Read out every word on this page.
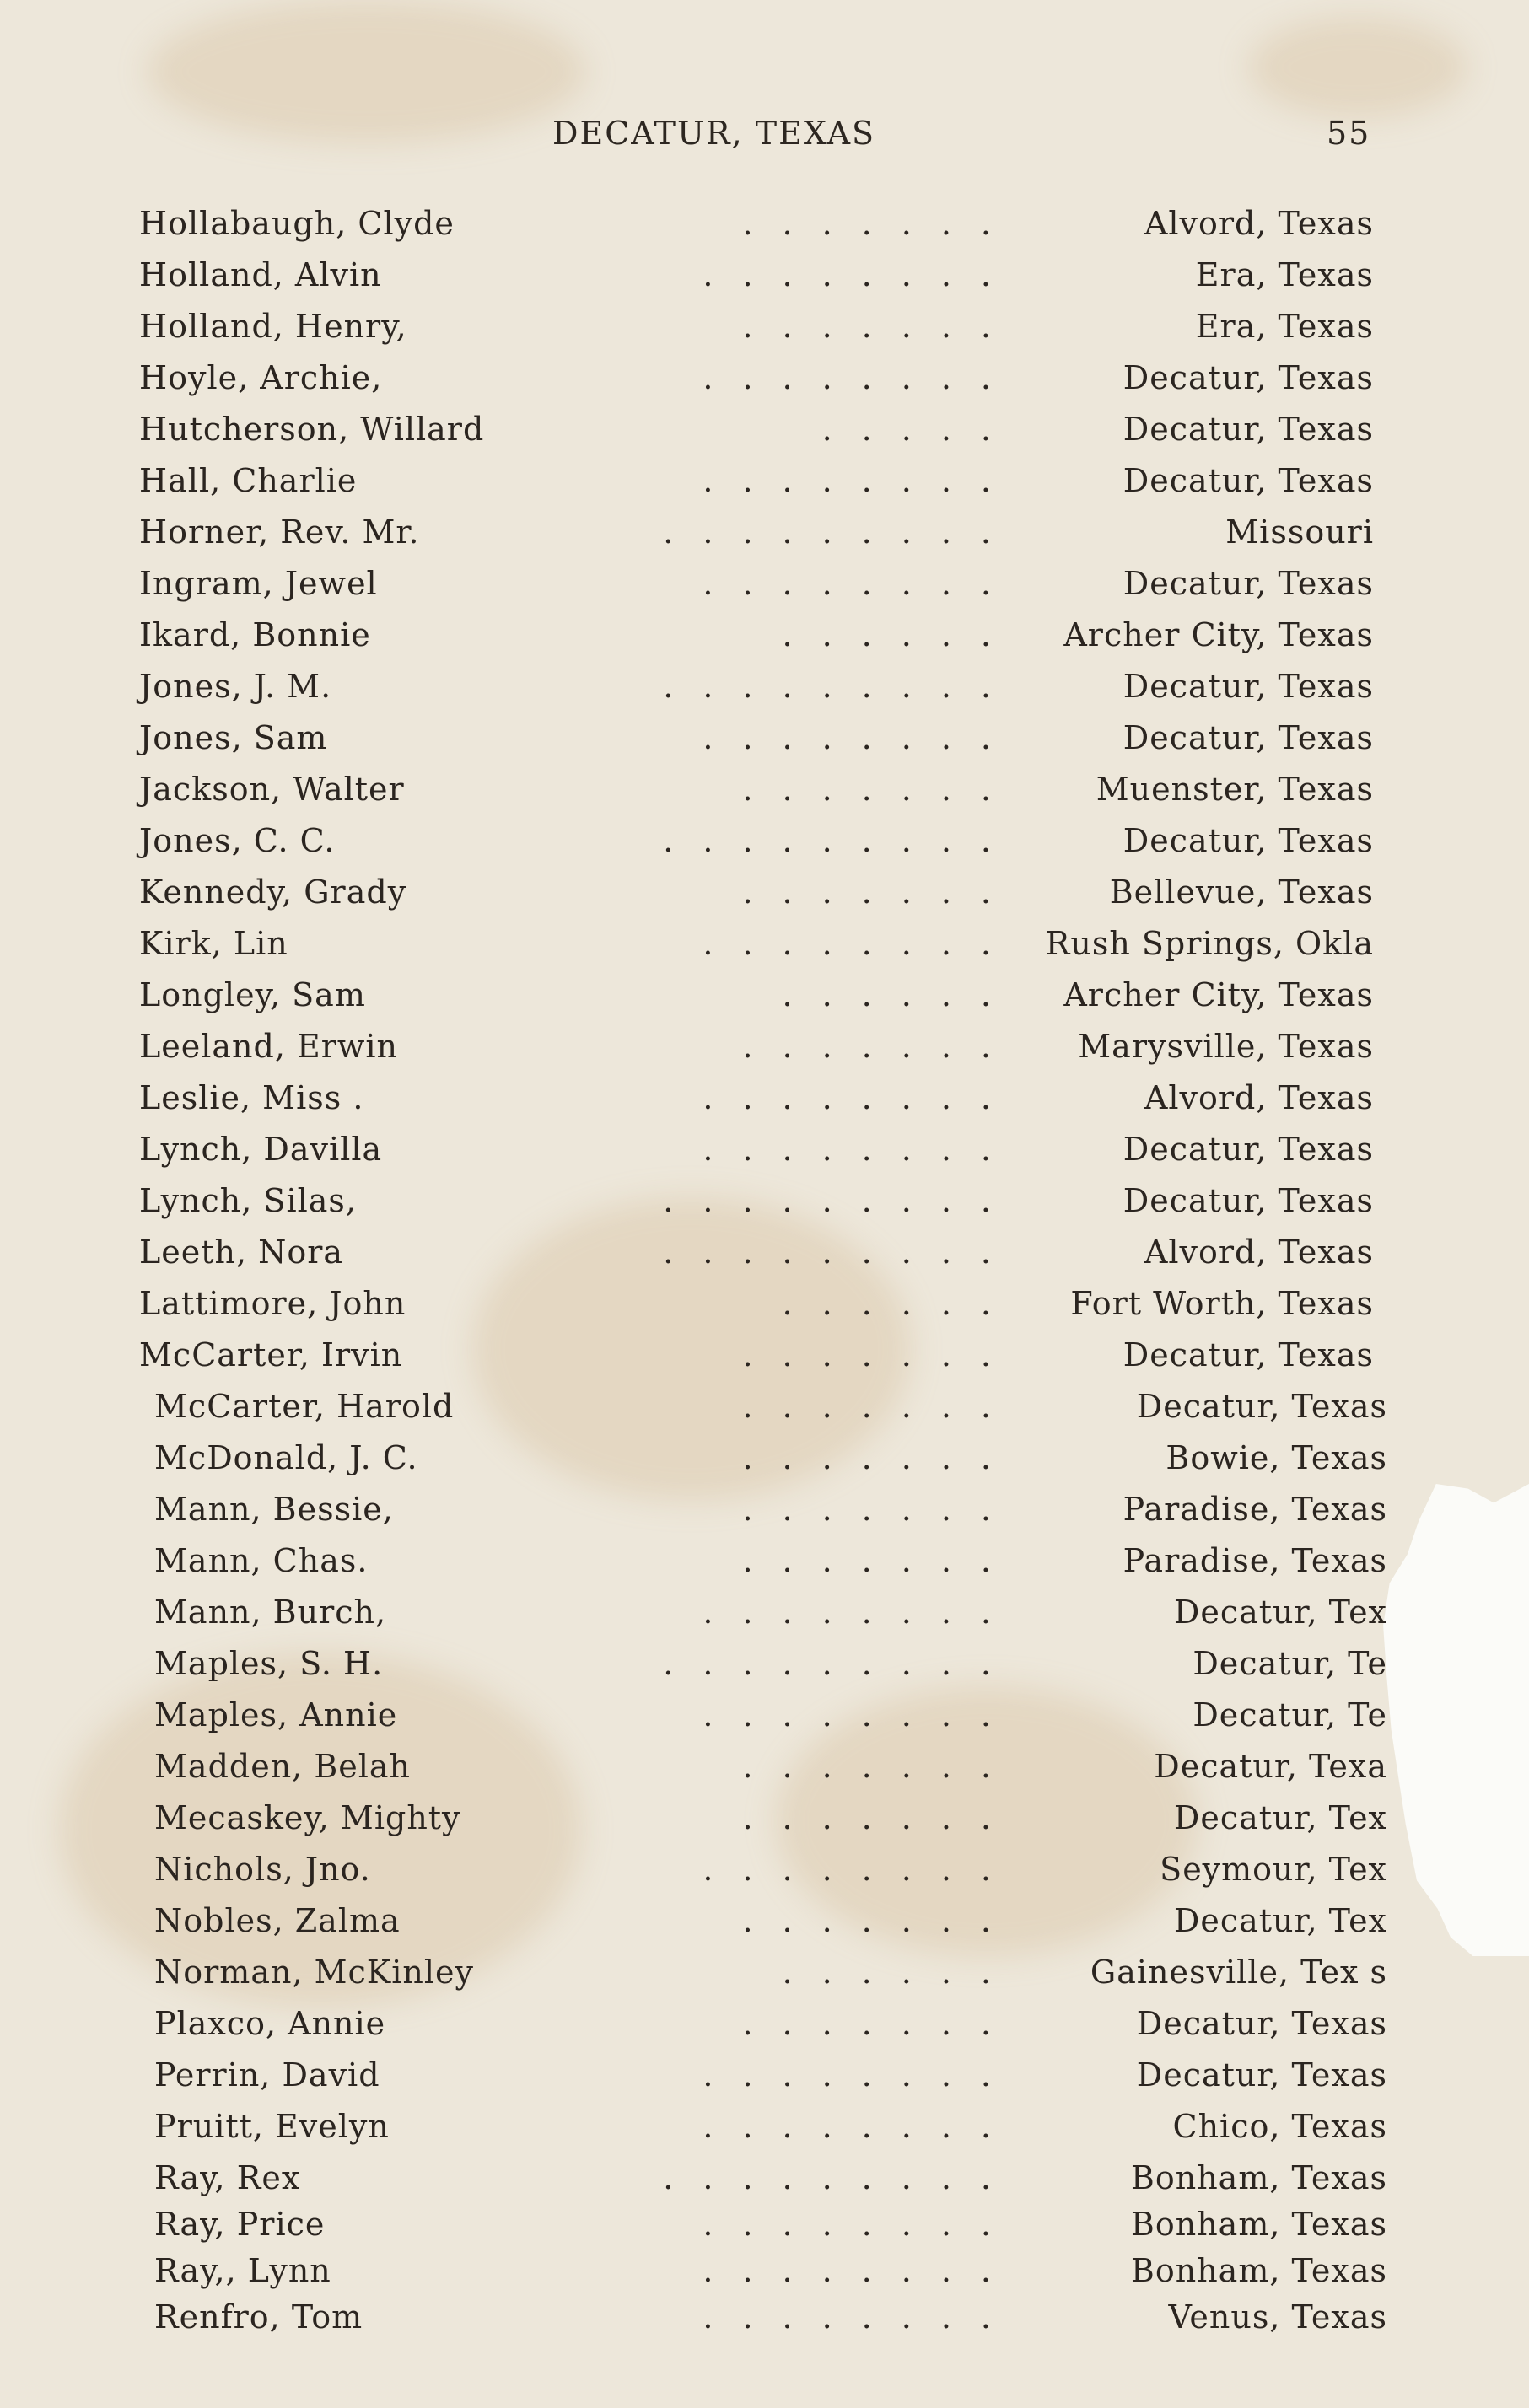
DECATUR, TEXAS	55
Hollabaugh, Clyde	.......	Alvord, Texas
Holland, Alvin	........	Era, Texas
Holland, Henry,	.......	Era, Texas
Hoyle, Archie,	........	Decatur, Texas
Hutcherson, Willard	.....	Decatur, Texas
Hall, Charlie	........	Decatur, Texas
Horner, Rev. Mr.	.........	Missouri
Ingram, Jewel	........	Decatur, Texas
Ikard, Bonnie	...... Archer City, Texas
Jones, J. M.	.........	Decatur, Texas
Jones, Sam	........	Decatur, Texas
Jackson, Walter	....... Muenster, Texas
Jones, C. C.	.........	Decatur, Texas
Kennedy, Grady	.......	Bellevue, Texas
Kirk, Lin	........ Rush Springs, Okla
Longley, Sam	...... Archer City, Texas
Leeland, Erwin	....... Marysville, Texas
Leslie, Miss .	........	Alvord, Texas
Lynch, Davilla	........	Decatur, Texas
Lynch, Silas,	.........	Decatur, Texas
Leeth, Nora	.........	Alvord, Texas
Lattimore, John	...... Fort Worth, Texas
McCarter, Irvin	.......	Decatur, Texas
McCarter, Harold	.......	Decatur, Texas
McDonald, J. C.	.......	Bowie, Texas
Mann, Bessie,	.......	Paradise, Texas
Mann, Chas.	.......	Paradise, Texas
Mann, Burch,	........	Decatur, Tex
Maples, S. H.	.........	Decatur, Te
Maples, Annie	........	Decatur, Te
Madden, Belah	.......	Decatur, Texa
Mecaskey, Mighty	.......	Decatur, Tex
Nichols, Jno.	........	Seymour, Tex
Nobles, Zalma	.......	Decatur, Tex
Norman, McKinley	...... Gainesville, Tex s
Plaxco, Annie	.......	Decatur, Texas
Perrin, David	........	Decatur, Texas
Pruitt, Evelyn	........	Chico, Texas
Ray, Rex	.........	Bonham, Texas
Ray, Price	........	Bonham, Texas
Ray,, Lynn	........	Bonham, Texas
Renfro, Tom	........	Venus, Texas
